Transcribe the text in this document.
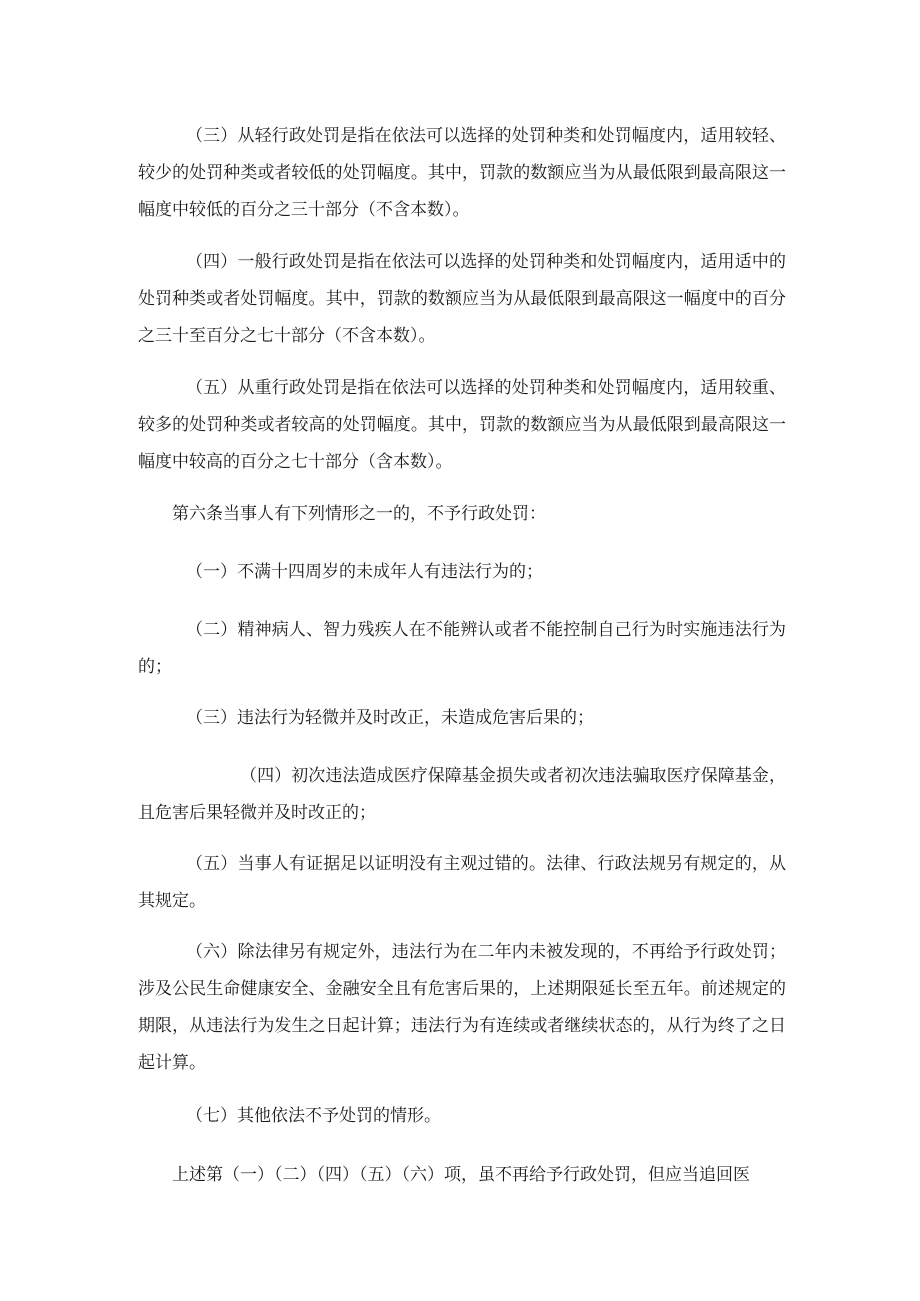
（三）从轻行政处罚是指在依法可以选择的处罚种类和处罚幅度内，适用较轻、较少的处罚种类或者较低的处罚幅度。其中，罚款的数额应当为从最低限到最高限这一幅度中较低的百分之三十部分（不含本数）。

（四）一般行政处罚是指在依法可以选择的处罚种类和处罚幅度内，适用适中的处罚种类或者处罚幅度。其中，罚款的数额应当为从最低限到最高限这一幅度中的百分之三十至百分之七十部分（不含本数）。

（五）从重行政处罚是指在依法可以选择的处罚种类和处罚幅度内，适用较重、较多的处罚种类或者较高的处罚幅度。其中，罚款的数额应当为从最低限到最高限这一幅度中较高的百分之七十部分（含本数）。

第六条当事人有下列情形之一的，不予行政处罚：

（一）不满十四周岁的未成年人有违法行为的；

（二）精神病人、智力残疾人在不能辨认或者不能控制自己行为时实施违法行为的；

（三）违法行为轻微并及时改正，未造成危害后果的；

（四）初次违法造成医疗保障基金损失或者初次违法骗取医疗保障基金，且危害后果轻微并及时改正的；

（五）当事人有证据足以证明没有主观过错的。法律、行政法规另有规定的，从其规定。

（六）除法律另有规定外，违法行为在二年内未被发现的，不再给予行政处罚；涉及公民生命健康安全、金融安全且有危害后果的，上述期限延长至五年。前述规定的期限，从违法行为发生之日起计算；违法行为有连续或者继续状态的，从行为终了之日起计算。

（七）其他依法不予处罚的情形。

上述第（一）（二）（四）（五）（六）项，虽不再给予行政处罚，但应当追回医
